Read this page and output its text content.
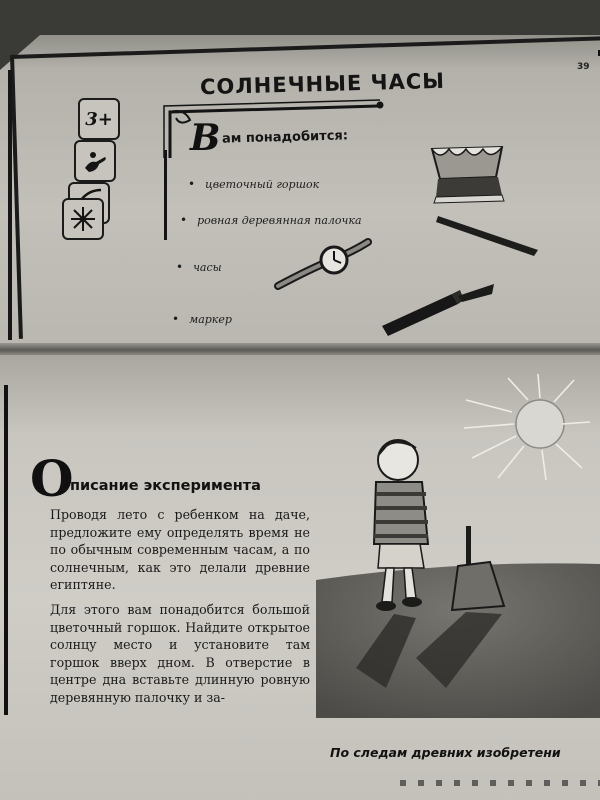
СОЛНЕЧНЫЕ ЧАСЫ
39
3+ В ам понадобится:
• цветочный горшок
• ровная деревянная палочка
• часы
• маркер
О
писание эксперимента
Проводя лето с ребенком на даче, предложите ему определять время не по обычным современным часам, а по солнечным, как это делали древние египтяне.
Для этого вам понадобится большой цветочный горшок. Найдите открытое солнцу место и установите там горшок вверх дном. В отверстие в центре дна вставьте длинную ровную деревянную палочку и за-
По следам древних изобретени
